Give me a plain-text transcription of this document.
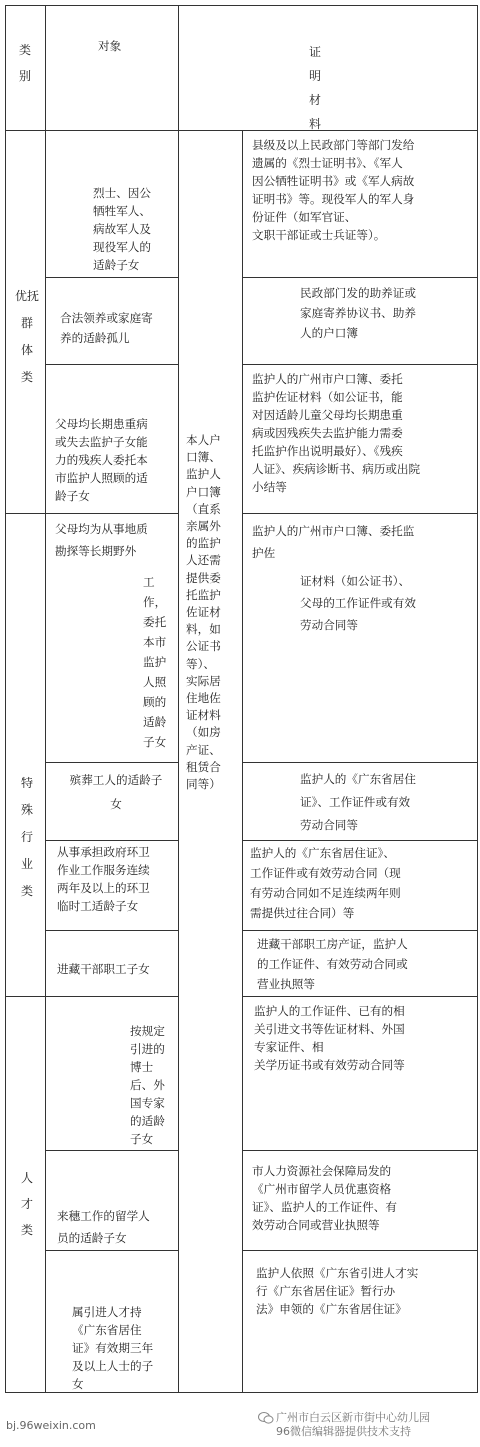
类
别
对象	证
明
材
料
优抚
群
体
类
特
殊
行
业
类
人
才
类
本人户
口簿、
监护人
户口簿
（直系
亲属外
的监护
人还需
提供委
托监护
佐证材
料，如
公证书
等）、
实际居
住地佐
证材料
（如房
产证、
租赁合
同等）
烈士、因公
牺牲军人、
病故军人及
现役军人的
适龄子女
县级及以上民政部门等部门发给
遗属的《烈士证明书》、《军人
因公牺牲证明书》或《军人病故
证明书》等。现役军人的军人身
份证件（如军官证、
文职干部证或士兵证等）。
合法领养或家庭寄
养的适龄孤儿
民政部门发的助养证或
家庭寄养协议书、助养
人的户口簿
父母均长期患重病
或失去监护子女能
力的残疾人委托本
市监护人照顾的适
龄子女
监护人的广州市户口簿、委托
监护佐证材料（如公证书，能
对因适龄儿童父母均长期患重
病或因残疾失去监护能力需委
托监护作出说明最好）、《残疾
人证》、疾病诊断书、病历或出院
小结等
父母均为从事地质
勘探等长期野外
工
作，
委托
本市
监护
人照
顾的
适龄
子女
监护人的广州市户口簿、委托监
护佐
证材料（如公证书）、
父母的工作证件或有效
劳动合同等
殡葬工人的适龄子
女
监护人的《广东省居住
证》、工作证件或有效
劳动合同等
从事承担政府环卫
作业工作服务连续
两年及以上的环卫
临时工适龄子女
监护人的《广东省居住证》、
工作证件或有效劳动合同（现
有劳动合同如不足连续两年则
需提供过往合同）等
进藏干部职工子女
进藏干部职工房产证，监护人
的工作证件、有效劳动合同或
营业执照等
按规定
引进的
博士
后、外
国专家
的适龄
子女
监护人的工作证件、已有的相
关引进文书等佐证材料、外国
专家证件、相
关学历证书或有效劳动合同等
来穗工作的留学人
员的适龄子女
市人力资源社会保障局发的
《广州市留学人员优惠资格
证》、监护人的工作证件、有
效劳动合同或营业执照等
属引进人才持
《广东省居住
证》有效期三年
及以上人士的子
女
监护人依照《广东省引进人才实
行《广东省居住证》暂行办
法》申领的《广东省居住证》
bj.96weixin.com
广州市白云区新市街中心幼儿园
96微信编辑器提供技术支持
